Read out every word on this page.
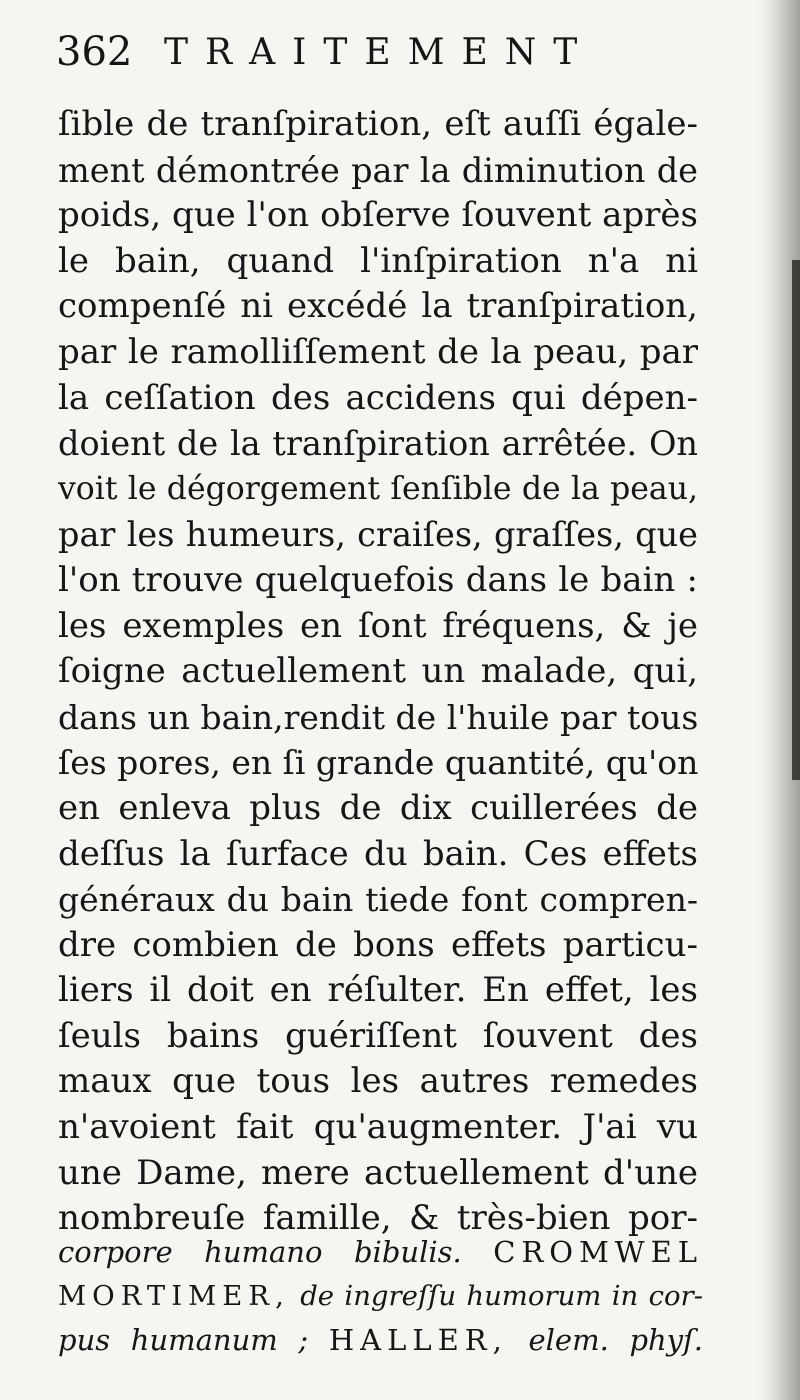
362 TRAITEMENT
ſible de tranſpiration, eſt auſſi égale-
ment démontrée par la diminution de
poids, que l'on obſerve ſouvent après
le bain, quand l'inſpiration n'a ni
compenſé ni excédé la tranſpiration,
par le ramolliſſement de la peau, par
la ceſſation des accidens qui dépen-
doient de la tranſpiration arrêtée. On
voit le dégorgement ſenſible de la peau,
par les humeurs, craiſes, graſſes, que
l'on trouve quelquefois dans le bain :
les exemples en ſont fréquens, & je
ſoigne actuellement un malade, qui,
dans un bain,rendit de l'huile par tous
ſes pores, en ſi grande quantité, qu'on
en enleva plus de dix cuillerées de
deſſus la ſurface du bain. Ces effets
généraux du bain tiede font compren-
dre combien de bons effets particu-
liers il doit en réſulter. En effet, les
ſeuls bains guériſſent ſouvent des
maux que tous les autres remedes
n'avoient fait qu'augmenter. J'ai vu
une Dame, mere actuellement d'une
nombreuſe famille, & très-bien por-
corpore humano bibulis. CROMWEL
MORTIMER, de ingreſſu humorum in cor-
pus humanum ; HALLER, elem. phyſ.
